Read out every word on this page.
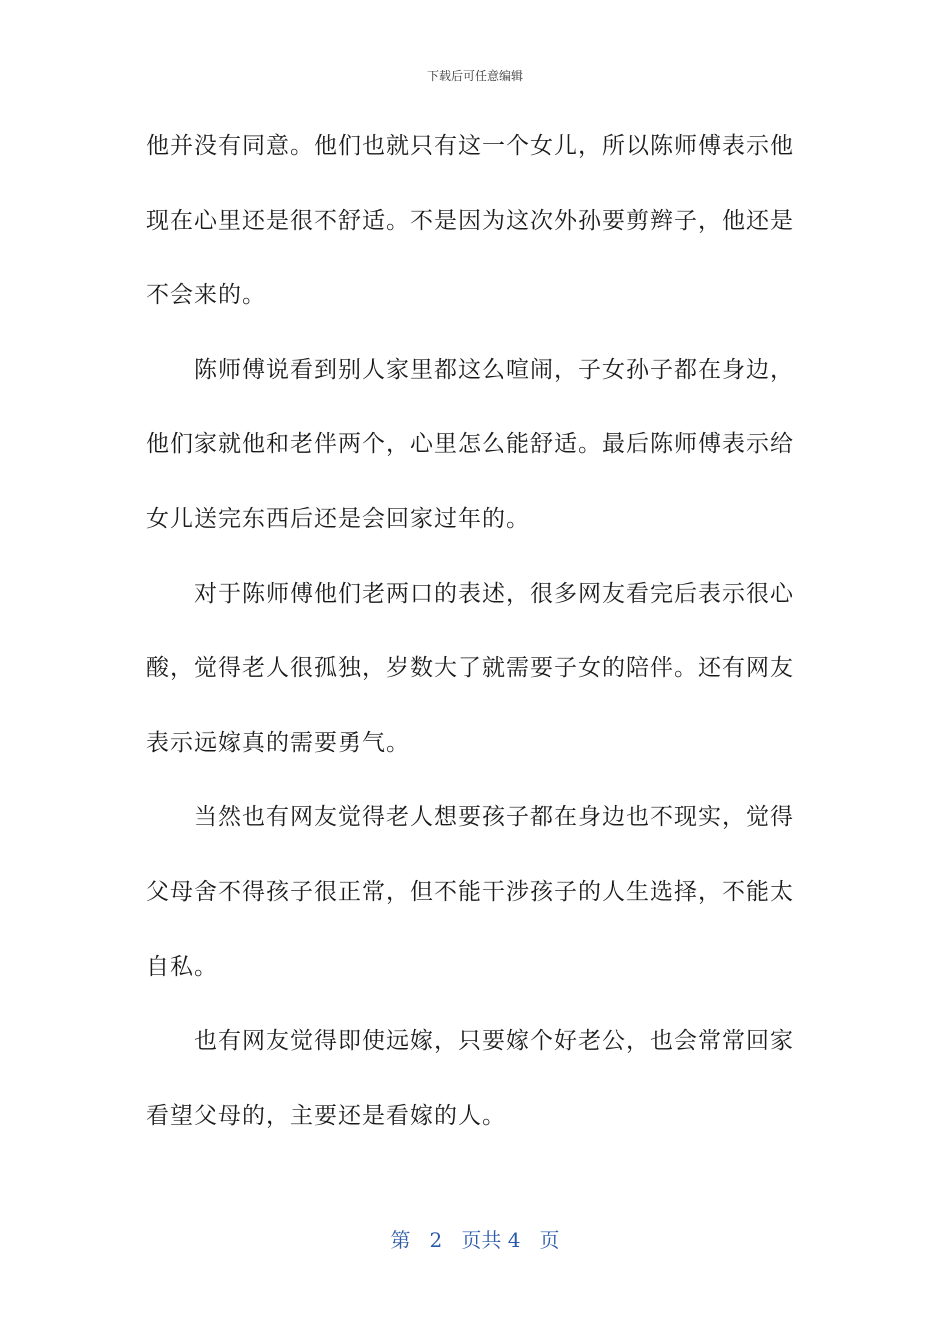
下载后可任意编辑
他并没有同意。他们也就只有这一个女儿，所以陈师傅表示他
现在心里还是很不舒适。不是因为这次外孙要剪辫子，他还是
不会来的。
陈师傅说看到别人家里都这么喧闹，子女孙子都在身边，
他们家就他和老伴两个，心里怎么能舒适。最后陈师傅表示给
女儿送完东西后还是会回家过年的。
对于陈师傅他们老两口的表述，很多网友看完后表示很心
酸，觉得老人很孤独，岁数大了就需要子女的陪伴。还有网友
表示远嫁真的需要勇气。
当然也有网友觉得老人想要孩子都在身边也不现实，觉得
父母舍不得孩子很正常，但不能干涉孩子的人生选择，不能太
自私。
也有网友觉得即使远嫁，只要嫁个好老公，也会常常回家
看望父母的，主要还是看嫁的人。
第 2 页共 4 页
